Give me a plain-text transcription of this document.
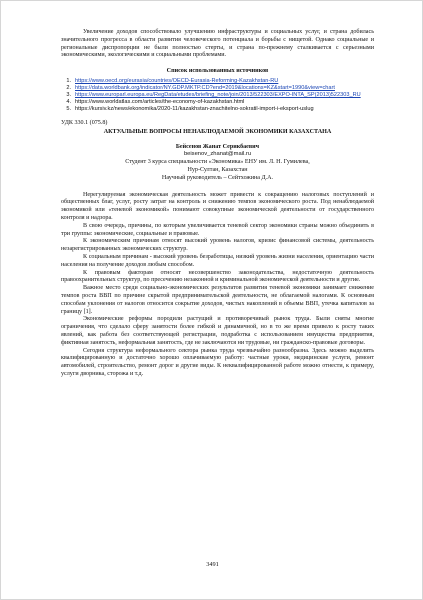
Увеличение доходов способствовало улучшению инфраструктуры и социальных услуг, и страна добилась значительного прогресса в области развития человеческого потенциала и борьбы с нищетой. Однако социальные и региональные диспропорции не были полностью стерты, и страна по-прежнему сталкивается с серьезными экономическими, экологическими и социальными проблемами.

Список использованных источников

1. https://www.oecd.org/eurasia/countries/OECD-Eurasia-Reforming-Kazakhstan-RU
2. https://data.worldbank.org/indicator/NY.GDP.MKTP.CD?end=2019&locations=KZ&start=1990&view=chart
3. https://www.europarl.europa.eu/RegData/etudes/briefing_note/join/2013/522303/EXPO-INTA_SP(2013)522303_RU
4. https://www.worldatlas.com/articles/the-economy-of-kazakhstan.html
5. https://kursiv.kz/news/ekonomika/2020-11/kazakhstan-znachitelno-sokratil-import-i-eksport-uslug

УДК 330.1 (075.8)

АКТУАЛЬНЫЕ ВОПРОСЫ НЕНАБЛЮДАЕМОЙ ЭКОНОМИКИ КАЗАХСТАНА

Бейсенов Жанат Серикбаевич

beisenov_zhanat@mail.ru

Студент 3 курса специальности «Экономика» ЕНУ им. Л. Н. Гумилева,

Нур-Султан, Казахстан

Научный руководитель – Сейтхожина Д.А.

Нерегулируемая экономическая деятельность может привести к сокращению налоговых поступлений и общественных благ, услуг, росту затрат на контроль и снижению темпов экономического роста. Под ненаблюдаемой экономикой или «теневой экономикой» понимают совокупные экономической деятельности от государственного контроля и надзора.

В свою очередь, причины, по которым увеличивается теневой сектор экономики страны можно объединить в три группы: экономические, социальные и правовые.

К экономическим причинам относят высокий уровень налогов, кризис финансовой системы, деятельность незарегистрированных экономических структур.

К социальным причинам - высокий уровень безработицы, низкий уровень жизни населения, ориентацию части населения на получение доходов любым способом.

К правовым факторам относят несовершенство законодательства, недостаточную деятельность правоохранительных структур, по пресечению незаконной и криминальной экономической деятельности и другие.

Важное место среди социально-экономических результатов развития теневой экономики занимает снижение темпов роста ВВП по причине скрытой предпринимательской деятельности, не облагаемой налогами. К основным способам уклонения от налогов относится сокрытие доходов, чистых накоплений в объемы ВВП, утечка капиталов за границу [1].

Экономические реформы породили растущий и противоречивый рынок труда. Были сняты многие ограничения, что сделало сферу занятости более гибкой и динамичной, но в то же время привело к росту таких явлений, как работа без соответствующей регистрации, подработка с использованием имущества предприятия, фиктивная занятость, неформальная занятость, где не заключаются ни трудовые, ни гражданско-правовые договоры.

Сегодня структура неформального сектора рынка труда чрезвычайно разнообразна. Здесь можно выделить квалифицированную и достаточно хорошо оплачиваемую работу: частные уроки, медицинские услуги, ремонт автомобилей, строительство, ремонт дорог и другие виды. К неквалифицированной работе можно отнести, к примеру, услуги дворника, сторожа и т.д.

3491
